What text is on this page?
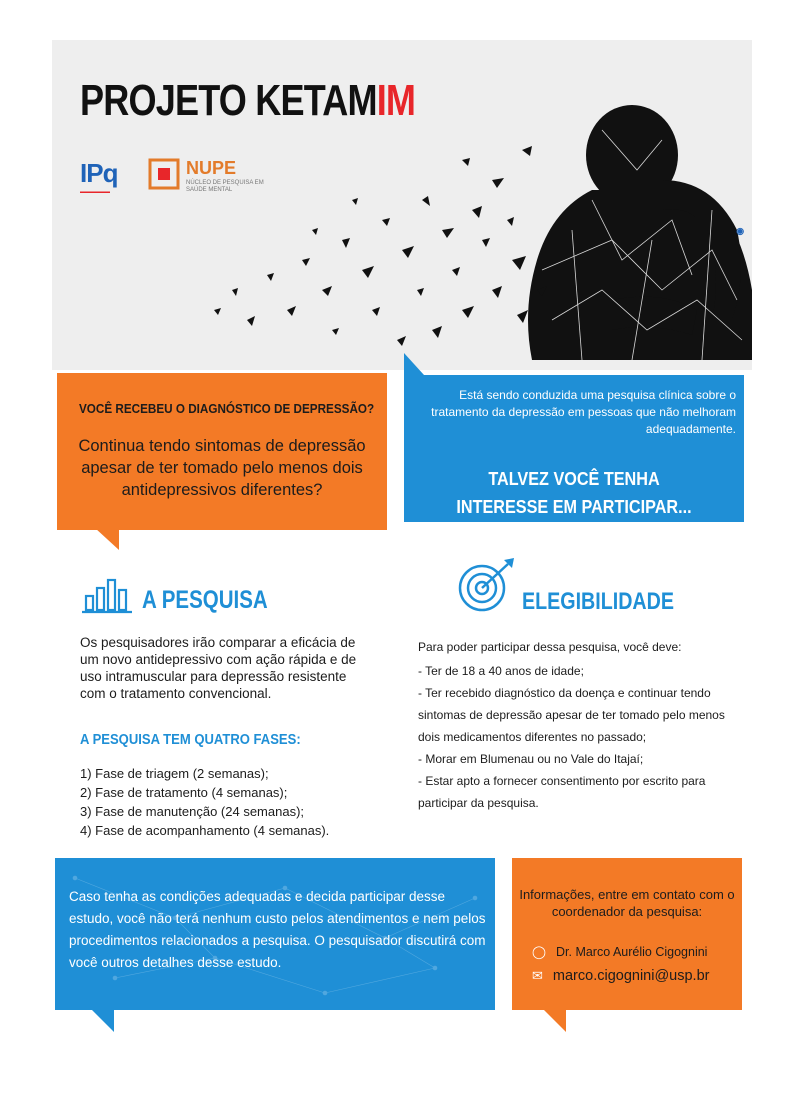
PROJETO KETAMIM
IPq
▬▬▬▬▬▬
NUPE
NÚCLEO DE PESQUISA EM SAÚDE MENTAL
◉
VOCÊ RECEBEU O DIAGNÓSTICO DE DEPRESSÃO?
Continua tendo sintomas de depressão apesar de ter tomado pelo menos dois antidepressivos diferentes?
Está sendo conduzida uma pesquisa clínica sobre o tratamento da depressão em pessoas que não melhoram adequadamente.
TALVEZ VOCÊ TENHA
INTERESSE EM PARTICIPAR...
A PESQUISA
Os pesquisadores irão comparar a eficácia de um novo antidepressivo com ação rápida e de uso intramuscular para depressão resistente com o tratamento convencional.
A PESQUISA TEM QUATRO FASES:
1) Fase de triagem (2 semanas);
2) Fase de tratamento (4 semanas);
3) Fase de manutenção (24 semanas);
4) Fase de acompanhamento (4 semanas).
ELEGIBILIDADE
Para poder participar dessa pesquisa, você deve:
- Ter de 18 a 40 anos de idade;
- Ter recebido diagnóstico da doença e continuar tendo sintomas de depressão apesar de ter tomado pelo menos dois medicamentos diferentes no passado;
- Morar em Blumenau ou no Vale do Itajaí;
- Estar apto a fornecer consentimento por escrito para participar da pesquisa.
Caso tenha as condições adequadas e decida participar desse estudo, você não terá nenhum custo pelos atendimentos e nem pelos procedimentos relacionados a pesquisa. O pesquisador discutirá com você outros detalhes desse estudo.
Informações, entre em contato com o coordenador da pesquisa:
◯ Dr. Marco Aurélio Cigognini
✉ marco.cigognini@usp.br
